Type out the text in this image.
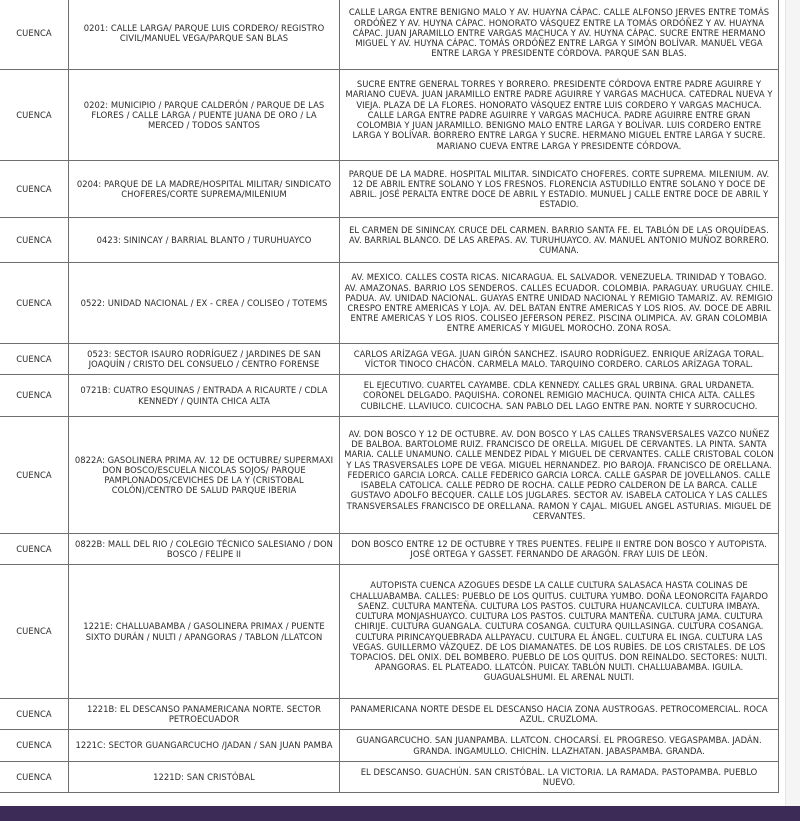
CUENCA	0201: CALLE LARGA/ PARQUE LUIS CORDERO/ REGISTRO CIVIL/MANUEL VEGA/PARQUE SAN BLAS	CALLE LARGA ENTRE BENIGNO MALO Y AV. HUAYNA CÁPAC. CALLE ALFONSO JERVES ENTRE TOMÁS ORDÓÑEZ Y AV. HUYNA CÁPAC. HONORATO VÁSQUEZ ENTRE LA TOMÁS ORDÓÑEZ Y AV. HUAYNA CÁPAC. JUAN JARAMILLO ENTRE VARGAS MACHUCA Y AV. HUYNA CÁPAC. SUCRE ENTRE HERMANO MIGUEL Y AV. HUYNA CÁPAC. TOMÁS ORDÓÑEZ ENTRE LARGA Y SIMÓN BOLÍVAR. MANUEL VEGA ENTRE LARGA Y PRESIDENTE CÓRDOVA. PARQUE SAN BLAS.
CUENCA	0202: MUNICIPIO / PARQUE CALDERÓN / PARQUE DE LAS FLORES / CALLE LARGA / PUENTE JUANA DE ORO / LA MERCED / TODOS SANTOS	SUCRE ENTRE GENERAL TORRES Y BORRERO. PRESIDENTE CÓRDOVA ENTRE PADRE AGUIRRE Y MARIANO CUEVA. JUAN JARAMILLO ENTRE PADRE AGUIRRE Y VARGAS MACHUCA. CATEDRAL NUEVA Y VIEJA. PLAZA DE LA FLORES. HONORATO VÁSQUEZ ENTRE LUIS CORDERO Y VARGAS MACHUCA. CALLE LARGA ENTRE PADRE AGUIRRE Y VARGAS MACHUCA. PADRE AGUIRRE ENTRE GRAN COLOMBIA Y JUAN JARAMILLO. BENIGNO MALO ENTRE LARGA Y BOLÍVAR. LUIS CORDERO ENTRE LARGA Y BOLÍVAR. BORRERO ENTRE LARGA Y SUCRE. HERMANO MIGUEL ENTRE LARGA Y SUCRE. MARIANO CUEVA ENTRE LARGA Y PRESIDENTE CÓRDOVA.
CUENCA	0204: PARQUE DE LA MADRE/HOSPITAL MILITAR/ SINDICATO CHOFERES/CORTE SUPREMA/MILENIUM	PARQUE DE LA MADRE. HOSPITAL MILITAR. SINDICATO CHOFERES. CORTE SUPREMA. MILENIUM. AV. 12 DE ABRIL ENTRE SOLANO Y LOS FRESNOS. FLORENCIA ASTUDILLO ENTRE SOLANO Y DOCE DE ABRIL. JOSÉ PERALTA ENTRE DOCE DE ABRIL Y ESTADIO. MUNUEL J CALLE ENTRE DOCE DE ABRIL Y ESTADIO.
CUENCA	0423: SININCAY / BARRIAL BLANTO / TURUHUAYCO	EL CARMEN DE SININCAY. CRUCE DEL CARMEN. BARRIO SANTA FE. EL TABLÓN DE LAS ORQUÍDEAS. AV. BARRIAL BLANCO. DE LAS AREPAS. AV. TURUHUAYCO. AV. MANUEL ANTONIO MUÑOZ BORRERO. CUMANA.
CUENCA	0522: UNIDAD NACIONAL / EX - CREA / COLISEO / TOTEMS	AV. MEXICO. CALLES COSTA RICAS. NICARAGUA. EL SALVADOR. VENEZUELA. TRINIDAD Y TOBAGO. AV. AMAZONAS. BARRIO LOS SENDEROS. CALLES ECUADOR. COLOMBIA. PARAGUAY. URUGUAY. CHILE. PADUA. AV. UNIDAD NACIONAL. GUAYAS ENTRE UNIDAD NACIONAL Y REMIGIO TAMARIZ. AV. REMIGIO CRESPO ENTRE AMERICAS Y LOJA. AV. DEL BATAN ENTRE AMERICAS Y LOS RIOS. AV. DOCE DE ABRIL ENTRE AMERICAS Y LOS RIOS. COLISEO JEFERSON PEREZ. PISCINA OLIMPICA. AV. GRAN COLOMBIA ENTRE AMERICAS Y MIGUEL MOROCHO. ZONA ROSA.
CUENCA	0523: SECTOR ISAURO RODRÍGUEZ / JARDINES DE SAN JOAQUÍN / CRISTO DEL CONSUELO / CENTRO FORENSE	CARLOS ARÍZAGA VEGA. JUAN GIRÓN SANCHEZ. ISAURO RODRÍGUEZ. ENRIQUE ARÍZAGA TORAL. VÍCTOR TINOCO CHACÓN. CARMELA MALO. TARQUINO CORDERO. CARLOS ARÍZAGA TORAL.
CUENCA	0721B: CUATRO ESQUINAS / ENTRADA A RICAURTE / CDLA KENNEDY / QUINTA CHICA ALTA	EL EJECUTIVO. CUARTEL CAYAMBE. CDLA KENNEDY. CALLES GRAL URBINA. GRAL URDANETA. CORONEL DELGADO. PAQUISHA. CORONEL REMIGIO MACHUCA. QUINTA CHICA ALTA. CALLES CUBILCHE. LLAVIUCO. CUICOCHA. SAN PABLO DEL LAGO ENTRE PAN. NORTE Y SURROCUCHO.
CUENCA	0822A: GASOLINERA PRIMA AV. 12 DE OCTUBRE/ SUPERMAXI DON BOSCO/ESCUELA NICOLAS SOJOS/ PARQUE PAMPLONADOS/CEVICHES DE LA Y (CRISTOBAL COLÓN)/CENTRO DE SALUD PARQUE IBERIA	AV. DON BOSCO Y 12 DE OCTUBRE. AV. DON BOSCO Y LAS CALLES TRANSVERSALES VAZCO NUÑEZ DE BALBOA. BARTOLOME RUIZ. FRANCISCO DE ORELLA. MIGUEL DE CERVANTES. LA PINTA. SANTA MARIA. CALLE UNAMUNO. CALLE MENDEZ PIDAL Y MIGUEL DE CERVANTES. CALLE CRISTOBAL COLON Y LAS TRASVERSALES LOPE DE VEGA. MIGUEL HERNANDEZ. PIO BAROJA. FRANCISCO DE ORELLANA. FEDERICO GARCIA LORCA. CALLE FEDERICO GARCIA LORCA. CALLE GASPAR DE JOVELLANOS. CALLE ISABELA CATOLICA. CALLE PEDRO DE ROCHA. CALLE PEDRO CALDERON DE LA BARCA. CALLE GUSTAVO ADOLFO BECQUER. CALLE LOS JUGLARES. SECTOR AV. ISABELA CATOLICA Y LAS CALLES TRANSVERSALES FRANCISCO DE ORELLANA. RAMON Y CAJAL. MIGUEL ANGEL ASTURIAS. MIGUEL DE CERVANTES.
CUENCA	0822B: MALL DEL RIO / COLEGIO TÉCNICO SALESIANO / DON BOSCO / FELIPE II	DON BOSCO ENTRE 12 DE OCTUBRE Y TRES PUENTES. FELIPE II ENTRE DON BOSCO Y AUTOPISTA. JOSÉ ORTEGA Y GASSET. FERNANDO DE ARAGÓN. FRAY LUIS DE LEÓN.
CUENCA	1221E: CHALLUABAMBA / GASOLINERA PRIMAX / PUENTE SIXTO DURÁN / NULTI / APANGORAS / TABLON /LLATCON	AUTOPISTA CUENCA AZOGUES DESDE LA CALLE CULTURA SALASACA HASTA COLINAS DE CHALLUABAMBA. CALLES: PUEBLO DE LOS QUITUS. CULTURA YUMBO. DOÑA LEONORCITA FAJARDO SAENZ. CULTURA MANTEÑA. CULTURA LOS PASTOS. CULTURA HUANCAVILCA. CULTURA IMBAYA. CULTURA MONJASHUAYCO. CULTURA LOS PASTOS. CULTURA MANTEÑA. CULTURA JAMA. CULTURA CHIRIJE. CULTURA GUANGALA. CULTURA COSANGA. CULTURA QUILLASINGA. CULTURA COSANGA. CULTURA PIRINCAYQUEBRADA ALLPAYACU. CULTURA EL ÁNGEL. CULTURA EL INGA. CULTURA LAS VEGAS. GUILLERMO VÁZQUEZ. DE LOS DIAMANATES. DE LOS RUBÍES. DE LOS CRISTALES. DE LOS TOPACIOS. DEL ONIX. DEL BOMBERO. PUEBLO DE LOS QUITUS. DON REINALDO. SECTORES: NULTI. APANGORAS. EL PLATEADO. LLATCÓN. PUICAY. TABLÓN NULTI. CHALLUABAMBA. IGUILA. GUAGUALSHUMI. EL ARENAL NULTI.
CUENCA	1221B: EL DESCANSO PANAMERICANA NORTE. SECTOR PETROECUADOR	PANAMERICANA NORTE DESDE EL DESCANSO HACIA ZONA AUSTROGAS. PETROCOMERCIAL. ROCA AZUL. CRUZLOMA.
CUENCA	1221C: SECTOR GUANGARCUCHO /JADAN / SAN JUAN PAMBA	GUANGARCUCHO. SAN JUANPAMBA. LLATCON. CHOCARSÍ. EL PROGRESO. VEGASPAMBA. JADÁN. GRANDA. INGAMULLO. CHICHÍN. LLAZHATAN. JABASPAMBA. GRANDA.
CUENCA	1221D: SAN CRISTÓBAL	EL DESCANSO. GUACHÚN. SAN CRISTÓBAL. LA VICTORIA. LA RAMADA. PASTOPAMBA. PUEBLO NUEVO.
